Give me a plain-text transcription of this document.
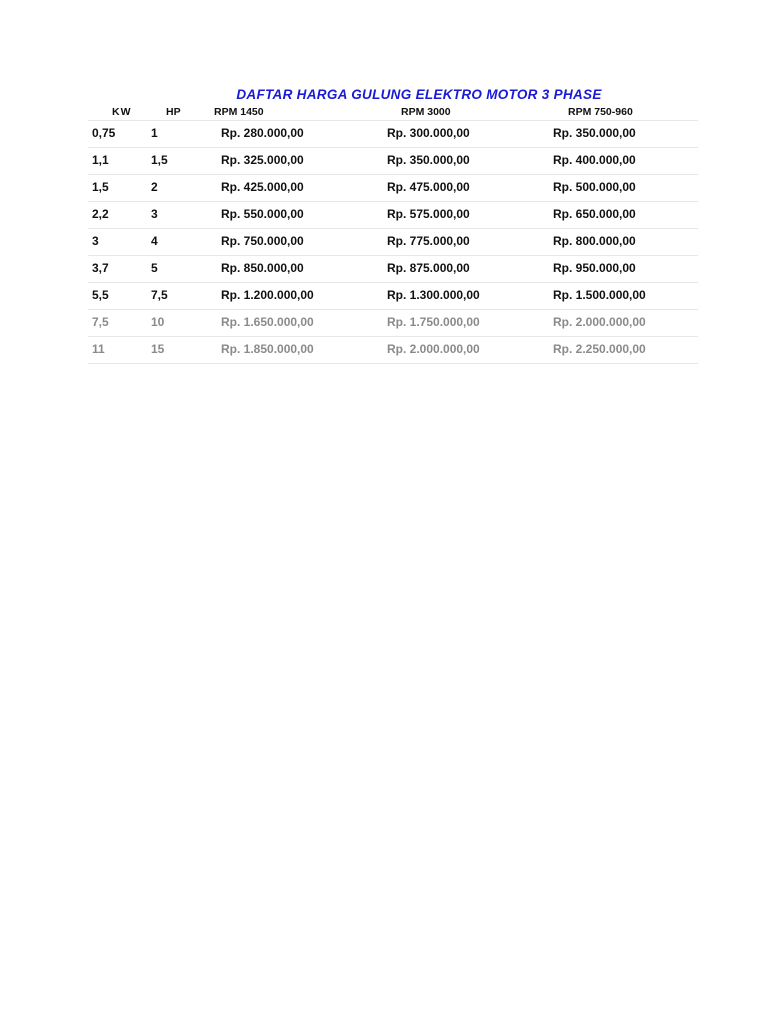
DAFTAR HARGA GULUNG ELEKTRO MOTOR 3 PHASE
KW	HP	RPM 1450	RPM 3000	RPM 750-960
0,75	1	Rp. 280.000,00	Rp. 300.000,00	Rp. 350.000,00
1,1	1,5	Rp. 325.000,00	Rp. 350.000,00	Rp. 400.000,00
1,5	2	Rp. 425.000,00	Rp. 475.000,00	Rp. 500.000,00
2,2	3	Rp. 550.000,00	Rp. 575.000,00	Rp. 650.000,00
3	4	Rp. 750.000,00	Rp. 775.000,00	Rp. 800.000,00
3,7	5	Rp. 850.000,00	Rp. 875.000,00	Rp. 950.000,00
5,5	7,5	Rp. 1.200.000,00	Rp. 1.300.000,00	Rp. 1.500.000,00
7,5	10	Rp. 1.650.000,00	Rp. 1.750.000,00	Rp. 2.000.000,00
11	15	Rp. 1.850.000,00	Rp. 2.000.000,00	Rp. 2.250.000,00
